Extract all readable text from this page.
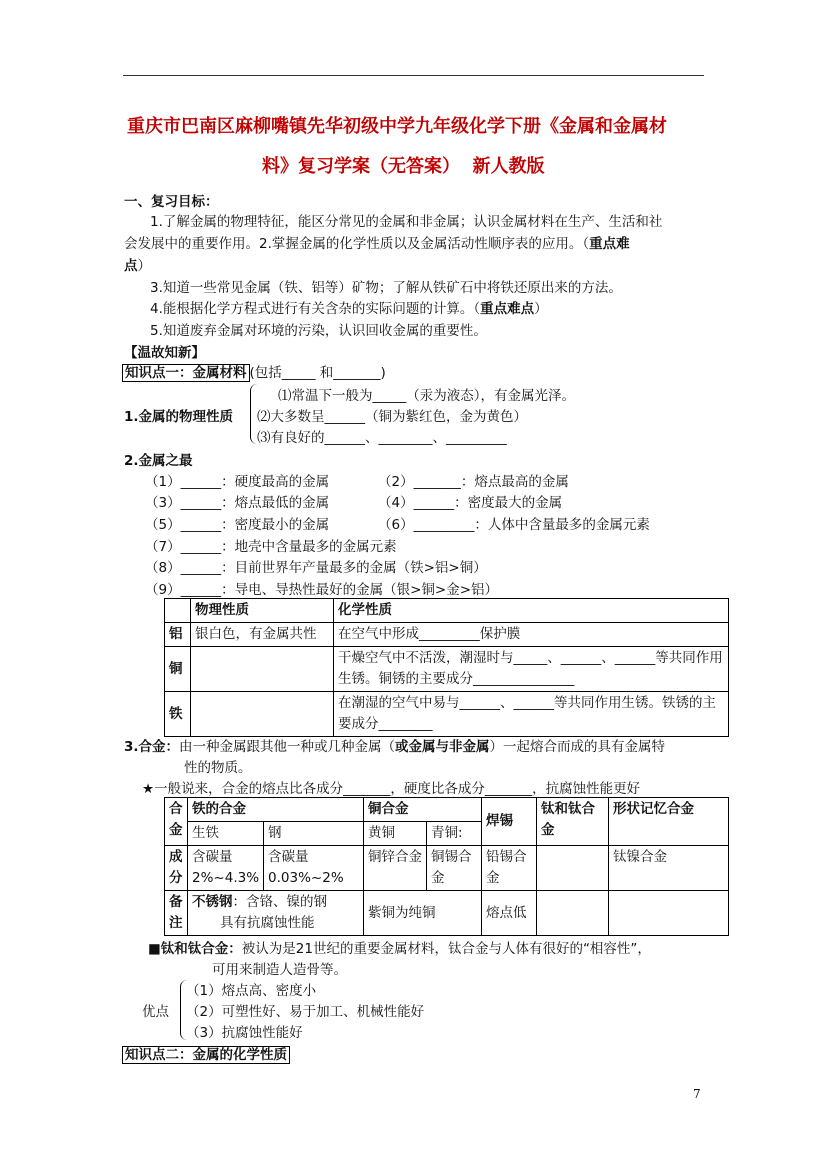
重庆市巴南区麻柳嘴镇先华初级中学九年级化学下册《金属和金属材
料》复习学案（无答案）  新人教版
一、复习目标：
1.了解金属的物理特征，能区分常见的金属和非金属；认识金属材料在生产、生活和社
会发展中的重要作用。2.掌握金属的化学性质以及金属活动性顺序表的应用。（重点难
点）
3.知道一些常见金属（铁、铝等）矿物；了解从铁矿石中将铁还原出来的方法。
4.能根据化学方程式进行有关含杂的实际问题的计算。（重点难点）
5.知道废弃金属对环境的污染，认识回收金属的重要性。
【温故知新】
知识点一：金属材料 (包括_____ 和_______)
1.金属的物理性质
⑴常温下一般为_____（汞为液态），有金属光泽。
⑵大多数呈______（铜为紫红色，金为黄色）
⑶有良好的______、________、_________
2.金属之最
（1）______：硬度最高的金属	（2）_______：熔点最高的金属
（3）______：熔点最低的金属	（4）______：密度最大的金属
（5）______：密度最小的金属	（6）_________：人体中含量最多的金属元素
（7）______：地壳中含量最多的金属元素
（8）______：目前世界年产量最多的金属（铁>铝>铜）
（9）______：导电、导热性最好的金属（银>铜>金>铝）
	物理性质	化学性质
铝	银白色，有金属共性	在空气中形成_________保护膜
铜		干燥空气中不活泼，潮湿时与_____、______、______等共同作用生锈。铜锈的主要成分_______________
铁		在潮湿的空气中易与______、______等共同作用生锈。铁锈的主要成分________
3.合金：由一种金属跟其他一种或几种金属（或金属与非金属）一起熔合而成的具有金属特
性的物质。
★一般说来，合金的熔点比各成分_______，硬度比各成分_______，抗腐蚀性能更好
合金	铁的合金		铜合金		焊锡	钛和钛合金	形状记忆合金
	生铁	钢	黄铜	青铜:			
成分	含碳量 2%~4.3%	含碳量 0.03%~2%	铜锌合金	铜锡合金	铅锡合金		钛镍合金
备注	不锈钢：含铬、镍的钢
具有抗腐蚀性能		紫铜为纯铜		熔点低		
■钛和钛合金：被认为是21世纪的重要金属材料，钛合金与人体有很好的“相容性”，
可用来制造人造骨等。
优点
（1）熔点高、密度小
（2）可塑性好、易于加工、机械性能好
（3）抗腐蚀性能好
知识点二：金属的化学性质
7
